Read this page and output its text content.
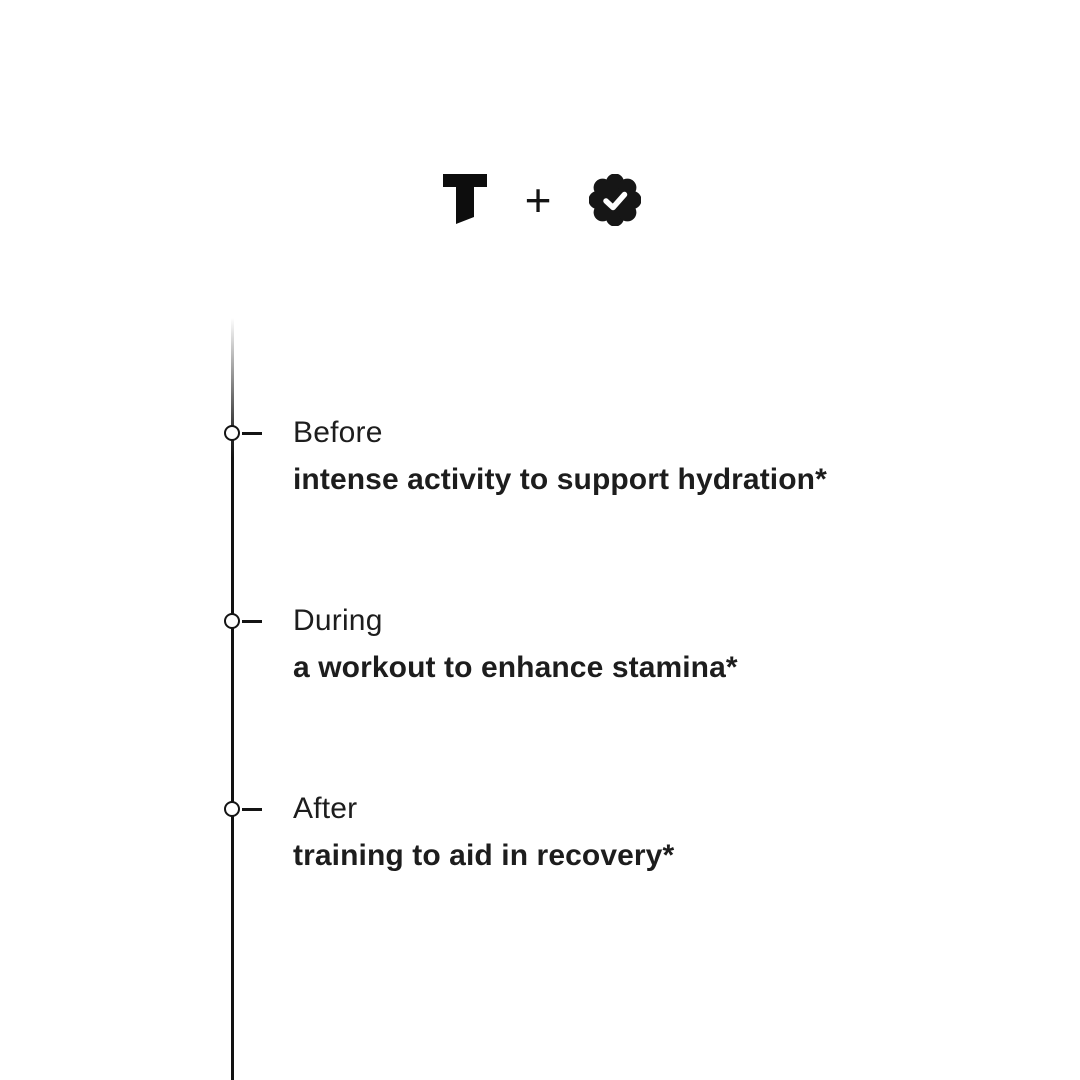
+
Before
intense activity to support hydration*
During
a workout to enhance stamina*
After
training to aid in recovery*
